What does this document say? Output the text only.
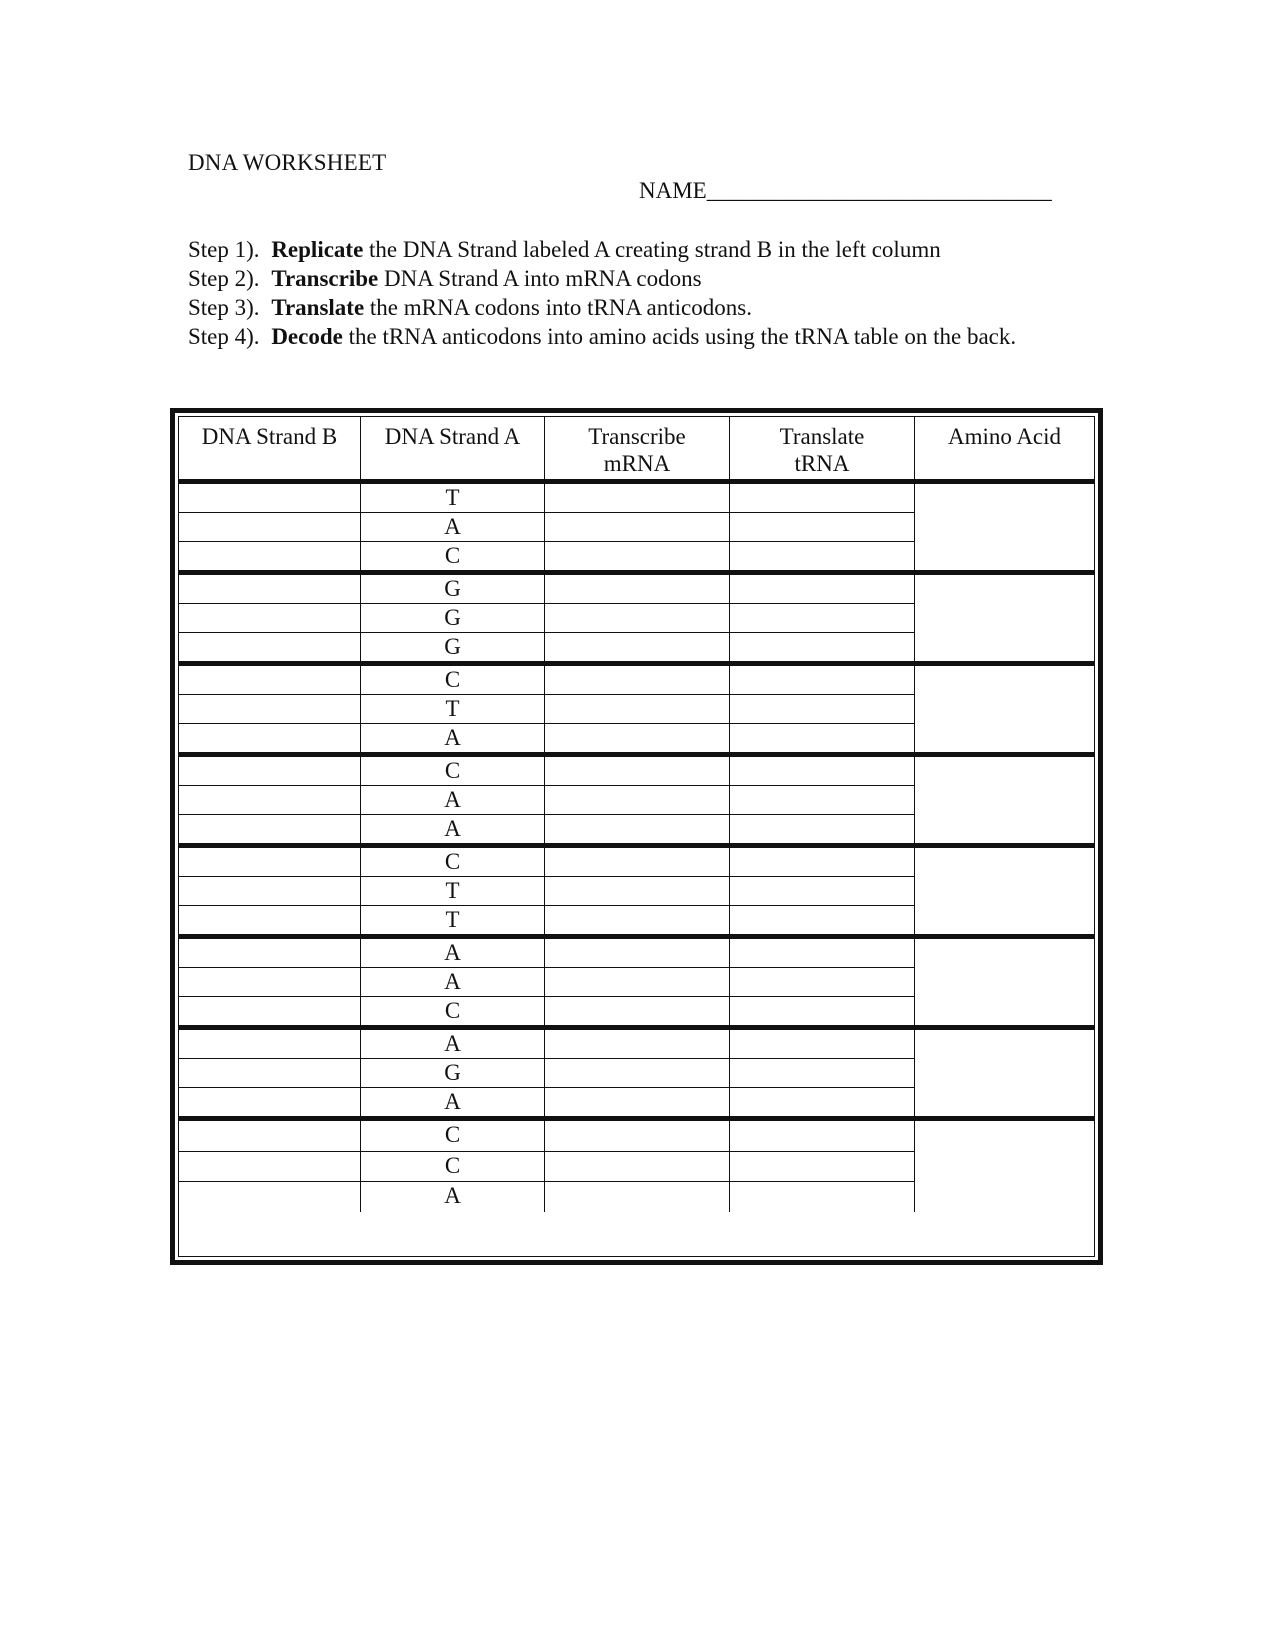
DNA WORKSHEET
NAME______________________________
Step 1). Replicate the DNA Strand labeled A creating strand B in the left column
Step 2). Transcribe DNA Strand A into mRNA codons
Step 3). Translate the mRNA codons into tRNA anticodons.
Step 4). Decode the tRNA anticodons into amino acids using the tRNA table on the back.
DNA Strand B	DNA Strand A	Transcribe
mRNA
Translate
tRNA
Amino Acid
T
A
C
G
G
G
C
T
A
C
A
A
C
T
T
A
A
C
A
G
A
C
C
A
